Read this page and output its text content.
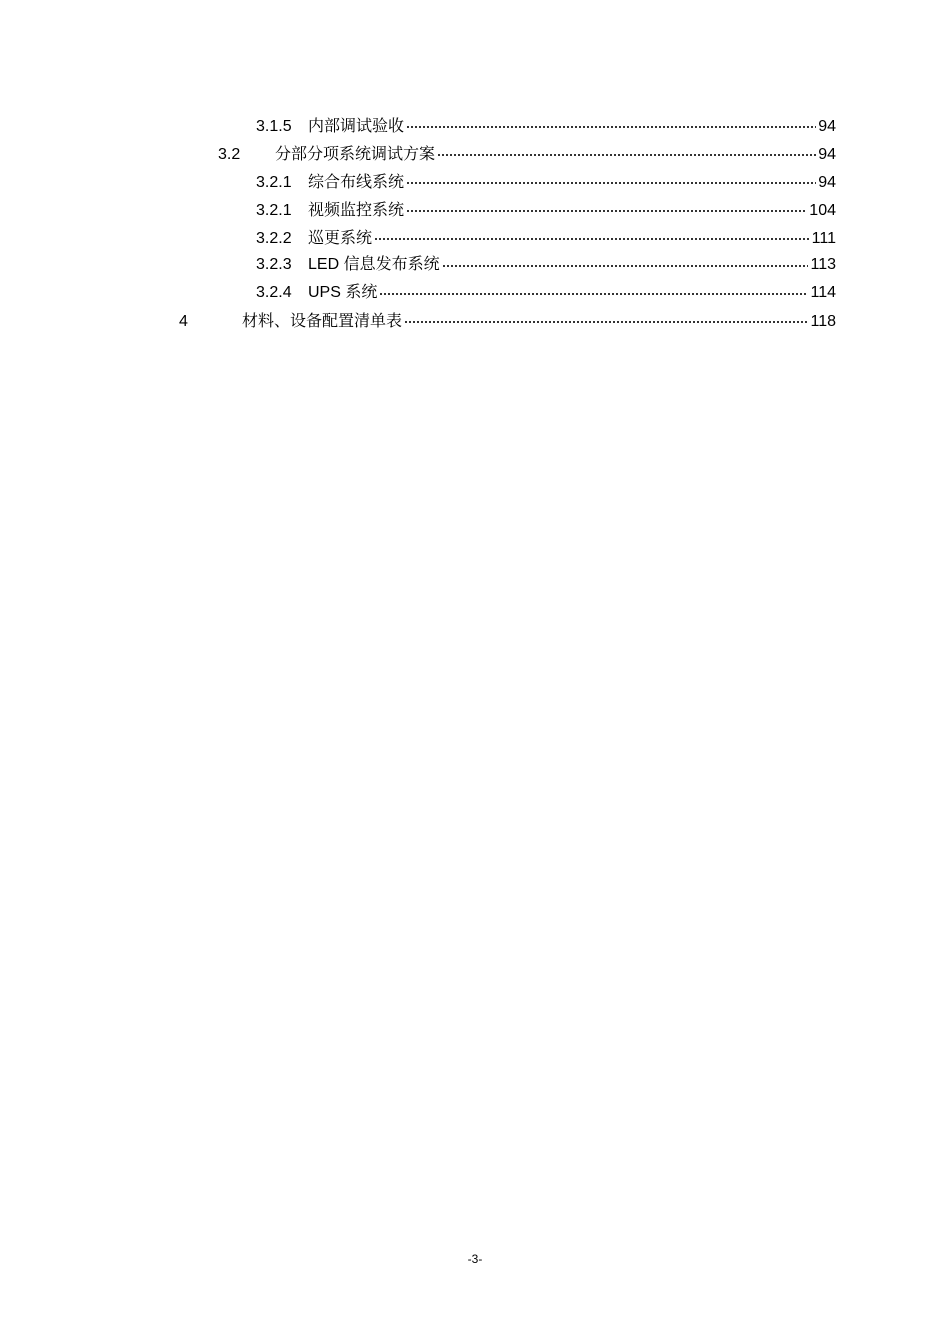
3.1.5	内部调试验收	94
3.2	分部分项系统调试方案	94
3.2.1	综合布线系统	94
3.2.1	视频监控系统	104
3.2.2	巡更系统	111
3.2.3	LED 信息发布系统	113
3.2.4	UPS 系统	114
4	材料、设备配置清单表	118
-3-
